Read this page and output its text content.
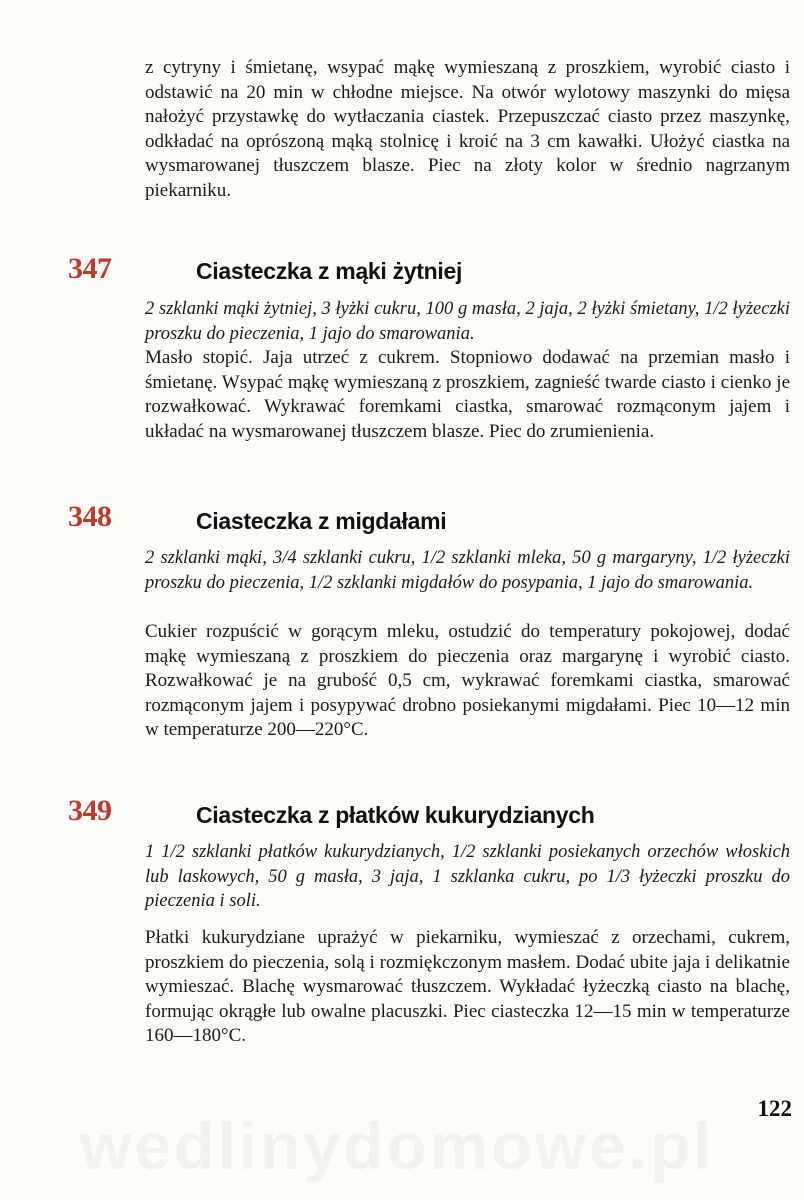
z cytryny i śmietanę, wsypać mąkę wymieszaną z proszkiem, wyrobić ciasto i odstawić na 20 min w chłodne miejsce. Na otwór wylotowy maszynki do mięsa nałożyć przystawkę do wytłaczania ciastek. Przepuszczać ciasto przez maszynkę, odkładać na oprószoną mąką stolnicę i kroić na 3 cm kawałki. Ułożyć ciastka na wysmarowanej tłuszczem blasze. Piec na złoty kolor w średnio nagrzanym piekarniku.

347	Ciasteczka z mąki żytniej

2 szklanki mąki żytniej, 3 łyżki cukru, 100 g masła, 2 jaja, 2 łyżki śmietany, 1/2 łyżeczki proszku do pieczenia, 1 jajo do smarowania.

Masło stopić. Jaja utrzeć z cukrem. Stopniowo dodawać na przemian masło i śmietanę. Wsypać mąkę wymieszaną z proszkiem, zagnieść twarde ciasto i cienko je rozwałkować. Wykrawać foremkami ciastka, smarować rozmąconym jajem i układać na wysmarowanej tłuszczem blasze. Piec do zrumienienia.

348	Ciasteczka z migdałami

2 szklanki mąki, 3/4 szklanki cukru, 1/2 szklanki mleka, 50 g margaryny, 1/2 łyżeczki proszku do pieczenia, 1/2 szklanki migdałów do posypania, 1 jajo do smarowania.

Cukier rozpuścić w gorącym mleku, ostudzić do temperatury pokojowej, dodać mąkę wymieszaną z proszkiem do pieczenia oraz margarynę i wyrobić ciasto. Rozwałkować je na grubość 0,5 cm, wykrawać foremkami ciastka, smarować rozmąconym jajem i posypywać drobno posiekanymi migdałami. Piec 10—12 min w temperaturze 200—220°C.

349	Ciasteczka z płatków kukurydzianych

1 1/2 szklanki płatków kukurydzianych, 1/2 szklanki posiekanych orzechów włoskich lub laskowych, 50 g masła, 3 jaja, 1 szklanka cukru, po 1/3 łyżeczki proszku do pieczenia i soli.

Płatki kukurydziane uprażyć w piekarniku, wymieszać z orzechami, cukrem, proszkiem do pieczenia, solą i rozmiękczonym masłem. Dodać ubite jaja i delikatnie wymieszać. Blachę wysmarować tłuszczem. Wykładać łyżeczką ciasto na blachę, formując okrągłe lub owalne placuszki. Piec ciasteczka 12—15 min w temperaturze 160—180°C.

wedlinydomowe.pl
122
